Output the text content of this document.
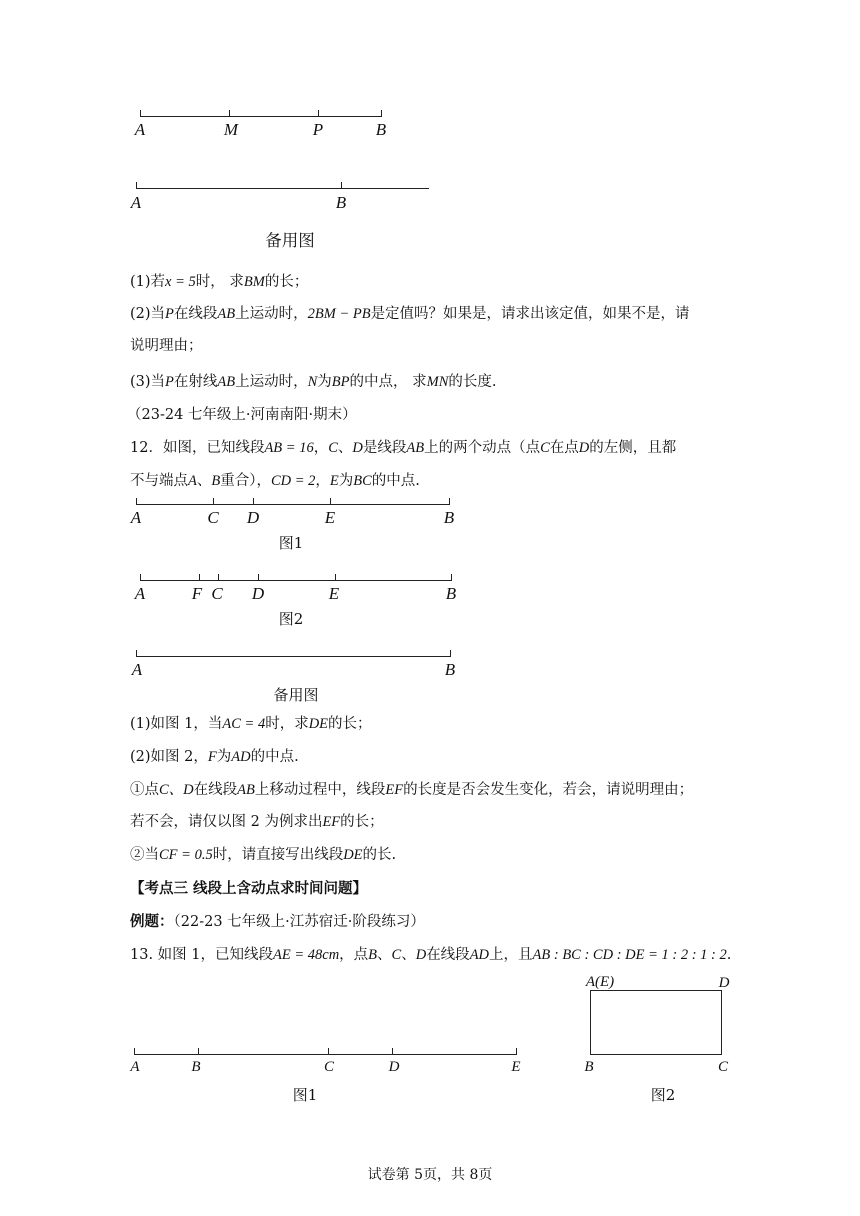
A	M	P	B
A	B
备用图
(1)若x = 5时， 求BM的长；
(2)当P在线段AB上运动时，2BM − PB是定值吗？如果是，请求出该定值，如果不是，请
说明理由；
(3)当P在射线AB上运动时，N为BP的中点， 求MN的长度.
（23-24 七年级上·河南南阳·期末）
12．如图，已知线段AB = 16，C、D是线段AB上的两个动点（点C在点D的左侧，且都
不与端点A、B重合），CD = 2，E为BC的中点.
A	C D	E	B
图1
A	F C D	E	B
图2
A	B
备用图
(1)如图 1，当AC = 4时，求DE的长；
(2)如图 2，F为AD的中点.
①点C、D在线段AB上移动过程中，线段EF的长度是否会发生变化，若会，请说明理由；
若不会，请仅以图 2 为例求出EF的长；
②当CF = 0.5时，请直接写出线段DE的长.
【考点三 线段上含动点求时间问题】
例题：（22-23 七年级上·江苏宿迁·阶段练习）
13. 如图 1，已知线段AE = 48cm，点B、C、D在线段AD上，且AB : BC : CD : DE = 1 : 2 : 1 : 2.
A	B	C	D	E
图1
A(E)	D
B	C
图2
试卷第 5页，共 8页
